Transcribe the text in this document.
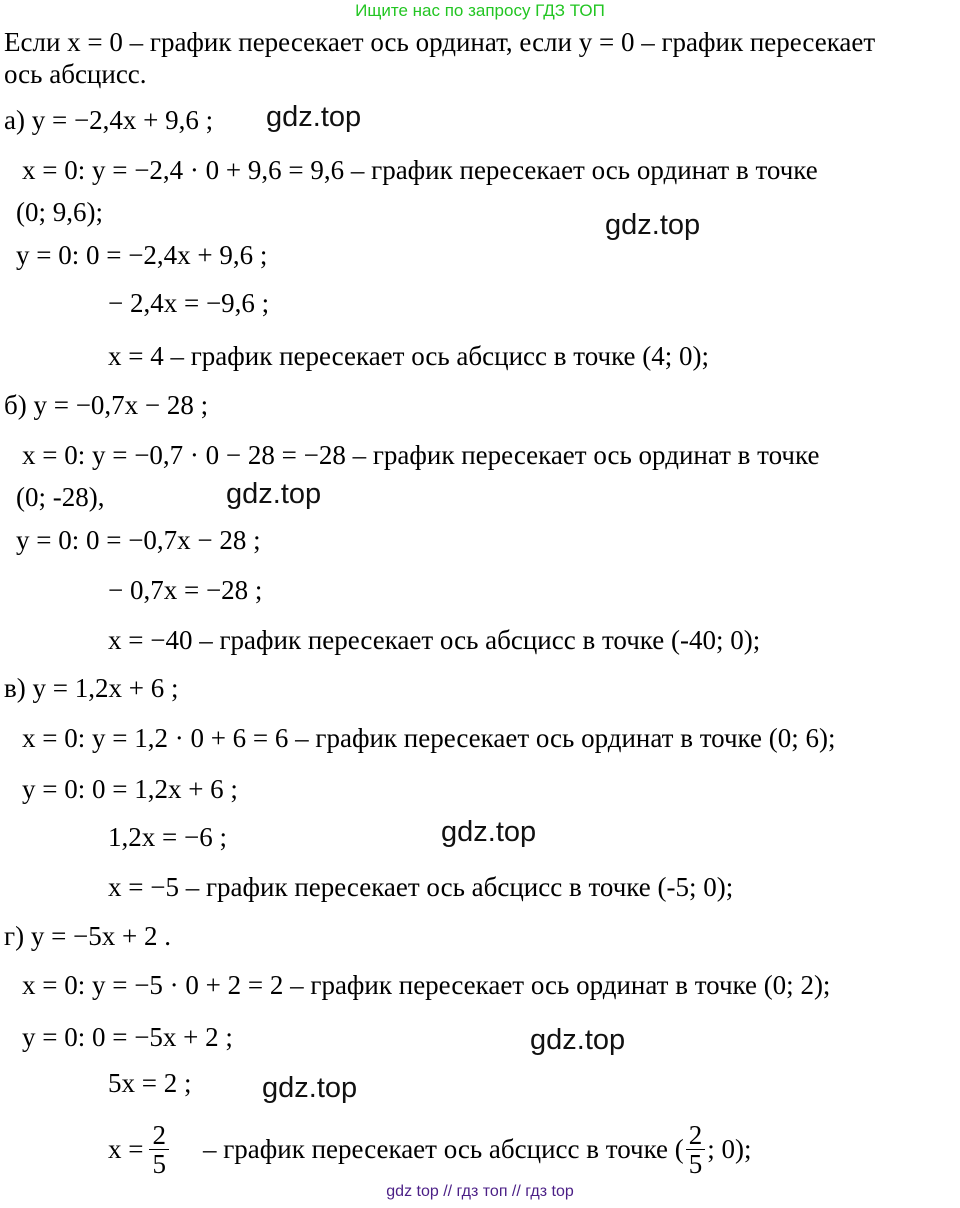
Ищите нас по запросу ГДЗ ТОП
Если x = 0 – график пересекает ось ординат, если y = 0 – график пересекает
ось абсцисс.
а) y = −2,4x + 9,6 ; gdz.top
x = 0: y = −2,4 · 0 + 9,6 = 9,6 – график пересекает ось ординат в точке
(0; 9,6);	gdz.top
y = 0: 0 = −2,4x + 9,6 ;
− 2,4x = −9,6 ;
x = 4 – график пересекает ось абсцисс в точке (4; 0);
б) y = −0,7x − 28 ;
x = 0: y = −0,7 · 0 − 28 = −28 – график пересекает ось ординат в точке
(0; -28),	gdz.top
y = 0: 0 = −0,7x − 28 ;
− 0,7x = −28 ;
x = −40 – график пересекает ось абсцисс в точке (-40; 0);
в) y = 1,2x + 6 ;
x = 0: y = 1,2 · 0 + 6 = 6 – график пересекает ось ординат в точке (0; 6);
y = 0: 0 = 1,2x + 6 ;
1,2x = −6 ;	gdz.top
x = −5 – график пересекает ось абсцисс в точке (-5; 0);
г) y = −5x + 2 .
x = 0: y = −5 · 0 + 2 = 2 – график пересекает ось ординат в точке (0; 2);
y = 0: 0 = −5x + 2 ;	gdz.top
5x = 2 ; gdz.top
$x = \frac{2}{5}$ – график пересекает ось абсцисс в точке ( $\frac{2}{5}$ ; 0);
gdz top // гдз топ // гдз top
